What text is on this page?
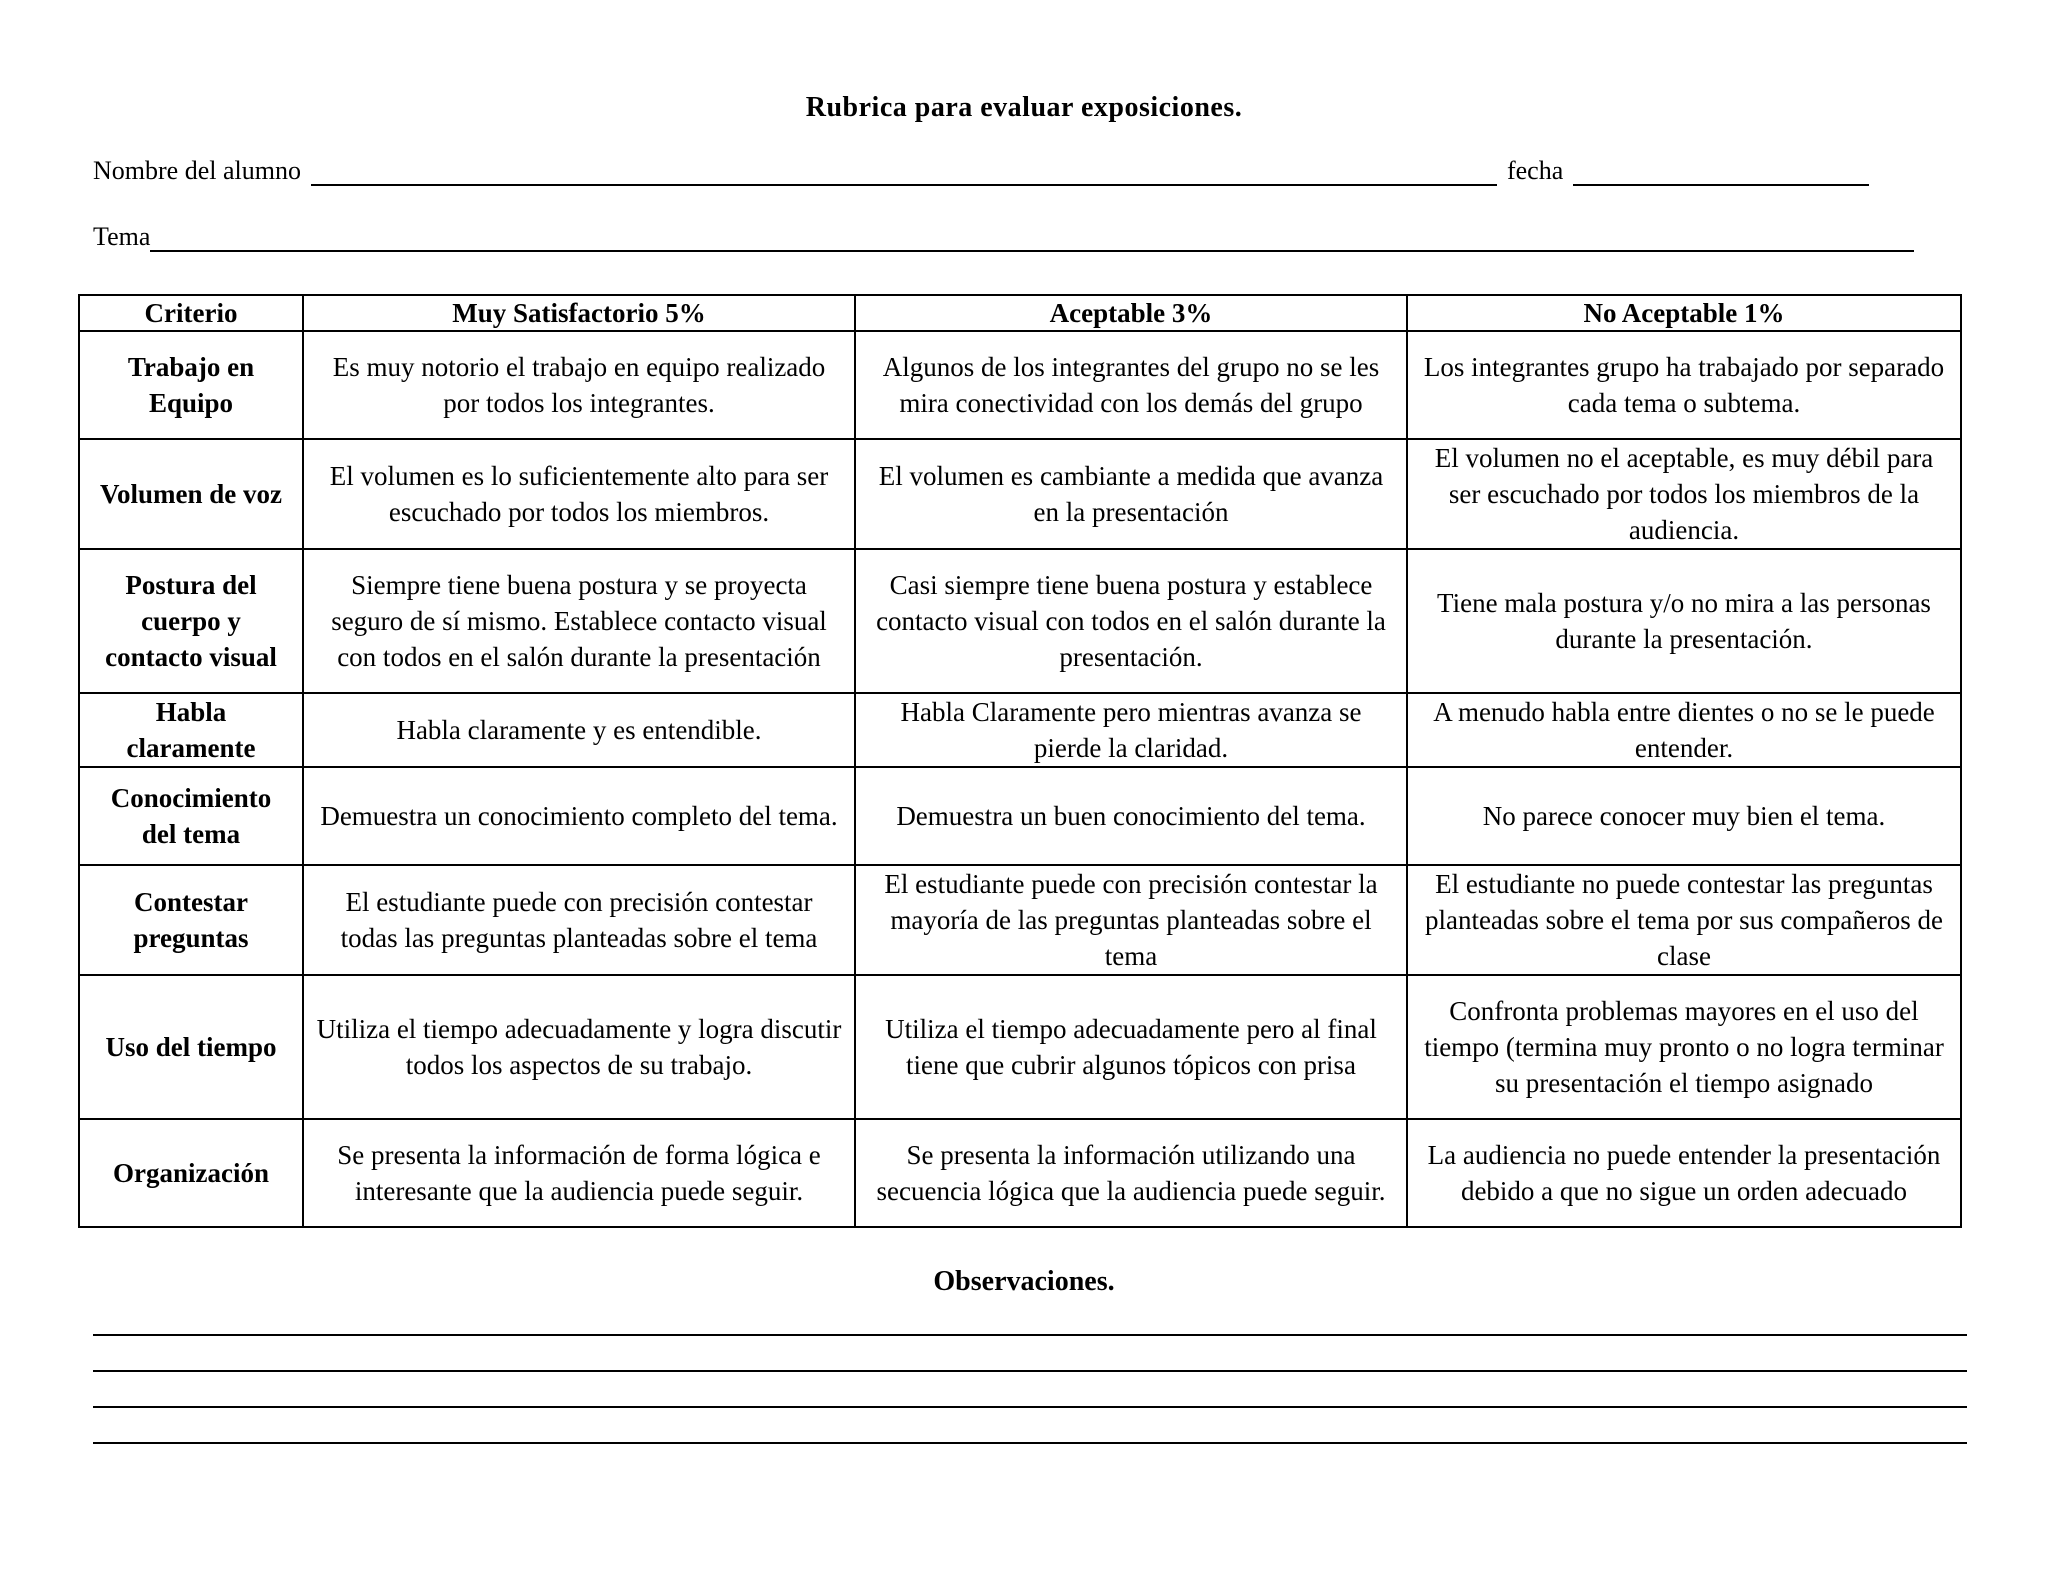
Rubrica para evaluar exposiciones.
Nombre del alumno	fecha
Tema
Criterio	Muy Satisfactorio 5%	Aceptable 3%	No Aceptable 1%
Trabajo en Equipo	Es muy notorio el trabajo en equipo realizado por todos los integrantes.	Algunos de los integrantes del grupo no se les mira conectividad con los demás del grupo	Los integrantes grupo ha trabajado por separado cada tema o subtema.
Volumen de voz	El volumen es lo suficientemente alto para ser escuchado por todos los miembros.	El volumen es cambiante a medida que avanza en la presentación	El volumen no el aceptable, es muy débil para ser escuchado por todos los miembros de la audiencia.
Postura del cuerpo y contacto visual	Siempre tiene buena postura y se proyecta seguro de sí mismo. Establece contacto visual con todos en el salón durante la presentación	Casi siempre tiene buena postura y establece contacto visual con todos en el salón durante la presentación.	Tiene mala postura y/o no mira a las personas durante la presentación.
Habla claramente	Habla claramente y es entendible.	Habla Claramente pero mientras avanza se pierde la claridad.	A menudo habla entre dientes o no se le puede entender.
Conocimiento del tema	Demuestra un conocimiento completo del tema.	Demuestra un buen conocimiento del tema.	No parece conocer muy bien el tema.
Contestar preguntas	El estudiante puede con precisión contestar todas las preguntas planteadas sobre el tema	El estudiante puede con precisión contestar la mayoría de las preguntas planteadas sobre el tema	El estudiante no puede contestar las preguntas planteadas sobre el tema por sus compañeros de clase
Uso del tiempo	Utiliza el tiempo adecuadamente y logra discutir todos los aspectos de su trabajo.	Utiliza el tiempo adecuadamente pero al final tiene que cubrir algunos tópicos con prisa	Confronta problemas mayores en el uso del tiempo (termina muy pronto o no logra terminar su presentación el tiempo asignado
Organización	Se presenta la información de forma lógica e interesante que la audiencia puede seguir.	Se presenta la información utilizando una secuencia lógica que la audiencia puede seguir.	La audiencia no puede entender la presentación debido a que no sigue un orden adecuado
Observaciones.
